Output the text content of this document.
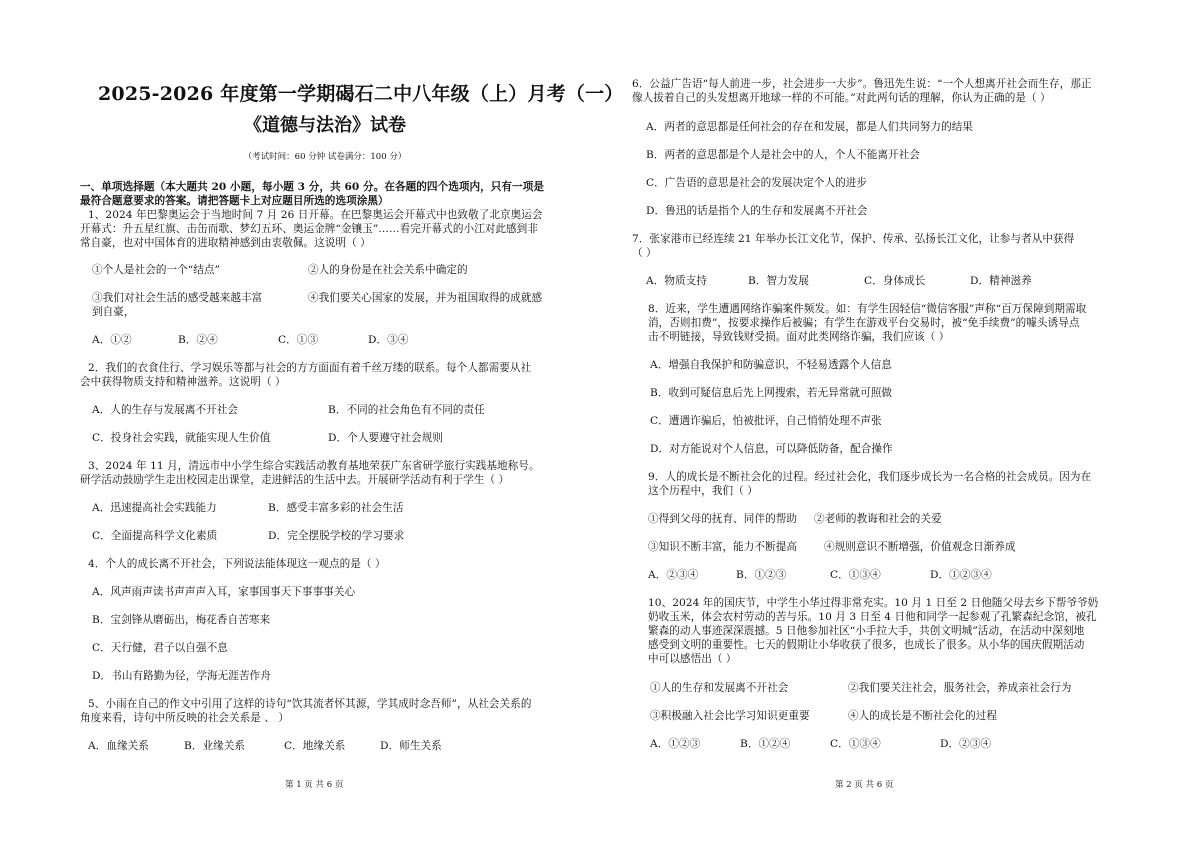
2025-2026 年度第一学期碣石二中八年级（上）月考（一）
《道德与法治》试卷
（考试时间：60 分钟 试卷满分：100 分）
一、单项选择题（本大题共 20 小题，每小题 3 分，共 60 分。在各题的四个选项内，只有一项是
最符合题意要求的答案。请把答题卡上对应题目所选的选项涂黑）
1、2024 年巴黎奥运会于当地时间 7 月 26 日开幕。在巴黎奥运会开幕式中也致敬了北京奥运会
开幕式：升五星红旗、击缶而歌、梦幻五环、奥运金牌“金镶玉”……看完开幕式的小江对此感到非
常自豪，也对中国体育的进取精神感到由衷敬佩。这说明（ ）
①个人是社会的一个“结点”	②人的身份是在社会关系中确定的
③我们对社会生活的感受越来越丰富	④我们要关心国家的发展，并为祖国取得的成就感
到自豪，
A．①②	B．②④	C．①③	D．③④
2．我们的衣食住行、学习娱乐等都与社会的方方面面有着千丝万缕的联系。每个人都需要从社
会中获得物质支持和精神滋养。这说明（ ）
A．人的生存与发展离不开社会	B．不同的社会角色有不同的责任
C．投身社会实践，就能实现人生价值	D．个人要遵守社会规则
3、2024 年 11 月，清远市中小学生综合实践活动教育基地荣获广东省研学旅行实践基地称号。
研学活动鼓励学生走出校园走出课堂，走进鲜活的生活中去。开展研学活动有利于学生（ ）
A．迅速提高社会实践能力	B．感受丰富多彩的社会生活
C．全面提高科学文化素质	D．完全摆脱学校的学习要求
4．个人的成长离不开社会，下列说法能体现这一观点的是（ ）
A．风声雨声读书声声声入耳，家事国事天下事事事关心
B．宝剑锋从磨砺出，梅花香自苦寒来
C．天行健，君子以自强不息
D．书山有路勤为径，学海无涯苦作舟
5、小雨在自己的作文中引用了这样的诗句“饮其流者怀其源，学其成时念吾师”，从社会关系的
角度来看，诗句中所反映的社会关系是 、 ）
A．血缘关系	B．业缘关系	C．地缘关系	D．师生关系
第 1 页 共 6 页
6．公益广告语“每人前进一步，社会进步一大步”。鲁迅先生说：“一个人想离开社会而生存，那正
像人拔着自己的头发想离开地球一样的不可能。”对此两句话的理解，你认为正确的是（ ）
A．两者的意思都是任何社会的存在和发展，都是人们共同努力的结果
B．两者的意思都是个人是社会中的人，个人不能离开社会
C．广告语的意思是社会的发展决定个人的进步
D．鲁迅的话是指个人的生存和发展离不开社会
7．张家港市已经连续 21 年举办长江文化节，保护、传承、弘扬长江文化，让参与者从中获得
（ ）
A．物质支持	B．智力发展	C．身体成长	D．精神滋养
8．近来，学生遭遇网络诈骗案件频发。如：有学生因轻信“微信客服”声称“百万保障到期需取
消，否则扣费”，按要求操作后被骗；有学生在游戏平台交易时，被“免手续费”的噱头诱导点
击不明链接，导致钱财受损。面对此类网络诈骗，我们应该（ ）
A．增强自我保护和防骗意识，不轻易透露个人信息
B．收到可疑信息后先上网搜索，若无异常就可照做
C．遭遇诈骗后，怕被批评，自己悄悄处理不声张
D．对方能说对个人信息，可以降低防备，配合操作
9．人的成长是不断社会化的过程。经过社会化，我们逐步成长为一名合格的社会成员。因为在
这个历程中，我们（ ）
①得到父母的抚育、同伴的帮助 ②老师的教诲和社会的关爱
③知识不断丰富，能力不断提高	④规则意识不断增强，价值观念日渐养成
A．②③④	B．①②③	C．①③④	D．①②③④
10、2024 年的国庆节，中学生小华过得非常充实。10 月 1 日至 2 日他随父母去乡下帮爷爷奶
奶收玉米，体会农村劳动的苦与乐。10 月 3 日至 4 日他和同学一起参观了孔繁森纪念馆，被孔
繁森的动人事迹深深震撼。5 日他参加社区“小手拉大手，共创文明城”活动，在活动中深刻地
感受到文明的重要性。七天的假期让小华收获了很多，也成长了很多。从小华的国庆假期活动
中可以感悟出（ ）
①人的生存和发展离不开社会	②我们要关注社会，服务社会，养成亲社会行为
③积极融入社会比学习知识更重要	④人的成长是不断社会化的过程
A．①②③	B．①②④	C．①③④	D．②③④
第 2 页 共 6 页
